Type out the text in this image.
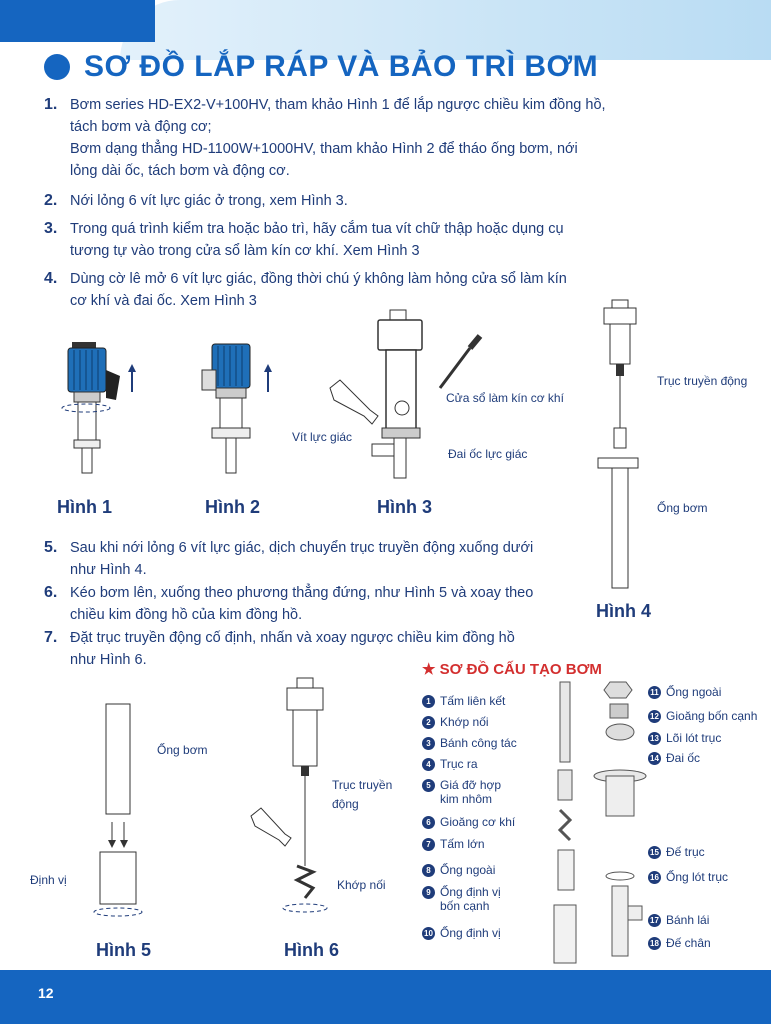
SƠ ĐỒ LẮP RÁP VÀ BẢO TRÌ BƠM
1. Bơm series HD-EX2-V+100HV, tham khảo Hình 1 để lắp ngược chiều kim đồng hồ,
tách bơm và động cơ;
Bơm dạng thẳng HD-1100W+1000HV, tham khảo Hình 2 để tháo ống bơm, nới
lỏng dài ốc, tách bơm và động cơ.
2. Nới lỏng 6 vít lực giác ở trong, xem Hình 3.
3. Trong quá trình kiểm tra hoặc bảo trì, hãy cắm tua vít chữ thập hoặc dụng cụ
tương tự vào trong cửa sổ làm kín cơ khí. Xem Hình 3
4. Dùng cờ lê mở 6 vít lực giác, đồng thời chú ý không làm hỏng cửa sổ làm kín
cơ khí và đai ốc. Xem Hình 3
Hình 1	Hình 2
Cửa sổ làm kín cơ khí
Vít lực giác
Đai ốc lực giác
Hình 3
Trục truyền động
Ống bơm
Hình 4
5. Sau khi nới lỏng 6 vít lực giác, dịch chuyển trục truyền động xuống dưới
như Hình 4.
6. Kéo bơm lên, xuống theo phương thẳng đứng, như Hình 5 và xoay theo
chiều kim đồng hồ của kim đồng hồ.
7. Đặt trục truyền động cố định, nhấn và xoay ngược chiều kim đồng hồ
như Hình 6.
Ống bơm
Định vị
Hình 5
Trục truyền
động
Khớp nối
Hình 6
★ SƠ ĐỒ CẤU TẠO BƠM
1 Tấm liên kết
2 Khớp nối
3 Bánh công tác
4 Trục ra
5 Giá đỡ hợp
kim nhôm
6 Gioăng cơ khí
7 Tấm lớn
8 Ống ngoài
9 Ống định vị
bốn cạnh
10 Ống định vị
11 Ống ngoài
12 Gioăng bốn cạnh
13 Lõi lót trục
14 Đai ốc
15 Đế trục
16 Ống lót trục
17 Bánh lái
18 Đế chân
12
